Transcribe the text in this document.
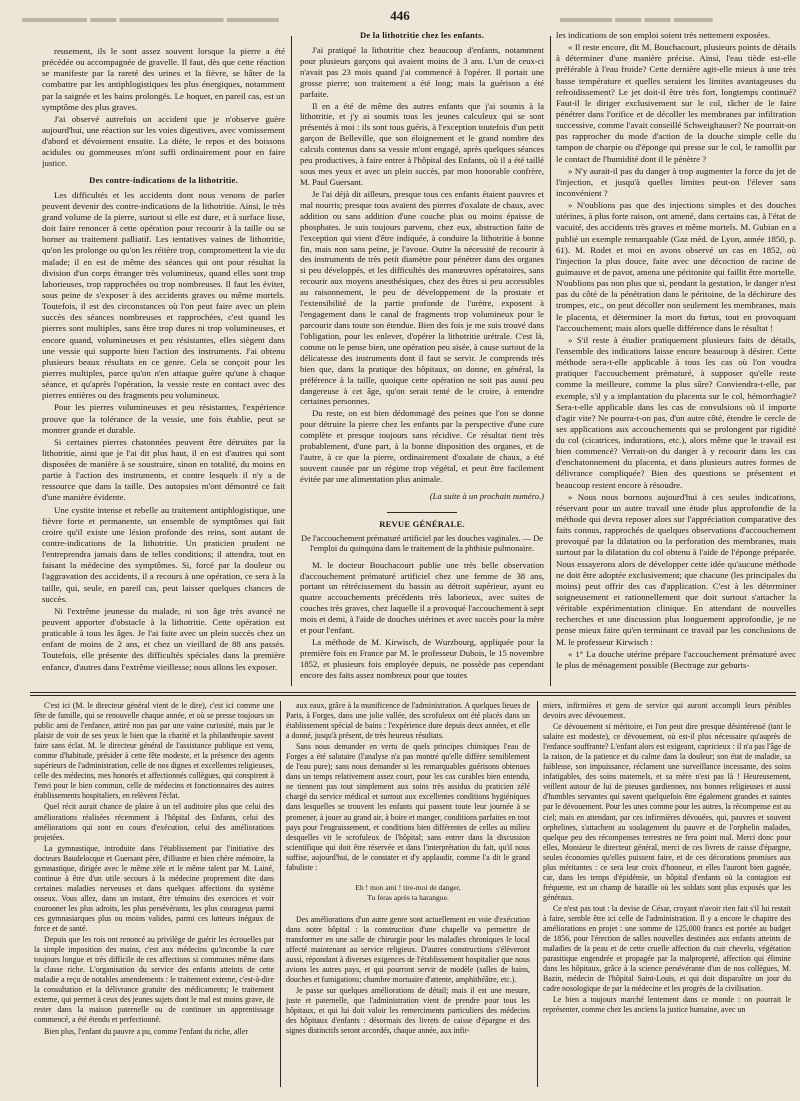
▬▬▬▬▬ ▬▬ ▬▬▬▬▬▬▬▬ ▬▬▬▬	446	▬▬▬▬ ▬▬ ▬▬ ▬▬▬

reusement, ils le sont assez souvent lorsque la pierre a été précédée ou accompagnée de gravelle. Il faut, dès que cette réaction se manifeste par la rareté des urines et la fièvre, se hâter de la combattre par les antiphlogistiques les plus énergiques, notamment par la saignée et les bains prolongés. Le hoquet, en pareil cas, est un symptôme des plus graves.

J'ai observé autrefois un accident que je n'observe guère aujourd'hui, une réaction sur les voies digestives, avec vomissement d'abord et dévoiement ensuite. La diète, le repos et des boissons acidules ou gommeuses m'ont suffi ordinairement pour en faire justice.

Des contre-indications de la lithotritie.

Les difficultés et les accidents dont nous venons de parler peuvent devenir des contre-indications de la lithotritie. Ainsi, le très grand volume de la pierre, surtout si elle est dure, et à surface lisse, doit faire renoncer à cette opération pour recourir à la taille ou se borner au traitement palliatif. Les tentatives vaines de lithotritie, qu'on les prolonge ou qu'on les réitère trop, compromettent la vie du malade; il en est de même des séances qui ont pour résultat la division d'un corps étranger très volumineux, quand elles sont trop laborieuses, trop rapprochées ou trop nombreuses. Il faut les éviter, sous peine de s'exposer à des accidents graves ou même mortels. Toutefois, il est des circonstances où l'on peut faire avec un plein succès des séances nombreuses et rapprochées, c'est quand les pierres sont multiples, sans être trop dures ni trop volumineuses, et encore quand, volumineuses et peu résistantes, elles siègent dans une vessie qui supporte bien l'action des instruments. J'ai obtenu plusieurs beaux résultats en ce genre. Cela se conçoit pour les pierres multiples, parce qu'on n'en attaque guère qu'une à chaque séance, et qu'après l'opération, la vessie reste en contact avec des pierres entières ou des fragments peu volumineux.

Pour les pierres volumineuses et peu résistantes, l'expérience prouve que la tolérance de la vessie, une fois établie, peut se montrer grande et durable.

Si certaines pierres chatonnées peuvent être détruites par la lithotritie, ainsi que je l'ai dit plus haut, il en est d'autres qui sont disposées de manière à se soustraire, sinon en totalité, du moins en partie à l'action des instruments, et contre lesquels il n'y a de ressource que dans la taille. Des autopsies m'ont démontré ce fait d'une manière évidente.

Une cystite intense et rebelle au traitement antiphlogistique, une fièvre forte et permanente, un ensemble de symptômes qui fait croire qu'il existe une lésion profonde des reins, sont autant de contre-indications de la lithotritie. Un praticien prudent ne l'entreprendra jamais dans de telles conditions; il attendra, tout en faisant la médecine des symptômes. Si, forcé par la douleur ou l'aggravation des accidents, il a recours à une opération, ce sera à la taille, qui, seule, en pareil cas, peut laisser quelques chances de succès.

Ni l'extrême jeunesse du malade, ni son âge très avancé ne peuvent apporter d'obstacle à la lithotritie. Cette opération est praticable à tous les âges. Je l'ai faite avec un plein succès chez un enfant de moins de 2 ans, et chez un vieillard de 88 ans passés. Toutefois, elle présente des difficultés spéciales dans la première enfance, d'autres dans l'extrême vieillesse; nous allons les exposer.

De la lithotritie chez les enfants.

J'ai pratiqué la lithotritie chez beaucoup d'enfants, notamment pour plusieurs garçons qui avaient moins de 3 ans. L'un de ceux-ci n'avait pas 23 mois quand j'ai commencé à l'opérer. Il portait une grosse pierre; son traitement a été long; mais la guérison a été parfaite.

Il en a été de même des autres enfants que j'ai soumis à la lithotritie, et j'y ai soumis tous les jeunes calculeux qui se sont présentés à moi : ils sont tous guéris, à l'exception toutefois d'un petit garçon de Belleville, que son éloignement et le grand nombre des calculs contenus dans sa vessie m'ont engagé, après quelques séances peu productives, à faire entrer à l'hôpital des Enfants, où il a été taillé sous mes yeux et avec un plein succès, par mon honorable confrère, M. Paul Guersant.

Je l'ai déjà dit ailleurs, presque tous ces enfants étaient pauvres et mal nourris; presque tous avaient des pierres d'oxalate de chaux, avec addition ou sans addition d'une couche plus ou moins épaisse de phosphates. Je suis toujours parvenu, chez eux, abstraction faite de l'exception qui vient d'être indiquée, à conduire la lithotritie à bonne fin, mais non sans peine, je l'avoue. Outre la nécessité de recourir à des instruments de très petit diamètre pour pénétrer dans des organes si peu développés, et les difficultés des manœuvres opératoires, sans recourir aux moyens anesthésiques, chez des êtres si peu accessibles au raisonnement, le peu de développement de la prostate et l'extensibilité de la partie profonde de l'urètre, exposent à l'engagement dans le canal de fragments trop volumineux pour le parcourir dans toute son étendue. Bien des fois je me suis trouvé dans l'obligation, pour les enlever, d'opérer la lithotritie urétrale. C'est là, comme on le pense bien, une opération peu aisée, à cause surtout de la délicatesse des instruments dont il faut se servir. Je comprends très bien que, dans la pratique des hôpitaux, on donne, en général, la préférence à la taille, quoique cette opération ne soit pas aussi peu dangereuse à cet âge, qu'on serait tenté de le croire, à entendre certaines personnes.

Du reste, on est bien dédommagé des peines que l'on se donne pour détruire la pierre chez les enfants par la perspective d'une cure complète et presque toujours sans récidive. Ce résultat tient très probablement, d'une part, à la bonne disposition des organes, et de l'autre, à ce que la pierre, ordinairement d'oxalate de chaux, a été souvent causée par un régime trop végétal, et peut être facilement évitée par une alimentation plus animale.

(La suite à un prochain numéro.)
REVUE GÉNÉRALE.
De l'accouchement prématuré artificiel par les douches vaginales. — De l'emploi du quinquina dans le traitement de la phthisie pulmonaire.

M. le docteur Bouchacourt publie une très belle observation d'accouchement prématuré artificiel chez une femme de 38 ans, portant un rétrécissement du bassin au détroit supérieur, ayant eu quatre accouchements précédents très laborieux, avec suites de couches très graves, chez laquelle il a provoqué l'accouchement à sept mois et demi, à l'aide de douches utérines et avec succès pour la mère et pour l'enfant.

La méthode de M. Kirwisch, de Wurzbourg, appliquée pour la première fois en France par M. le professeur Dubois, le 15 novembre 1852, et plusieurs fois employée depuis, ne possède pas cependant encore des faits assez nombreux pour que toutes

les indications de son emploi soient très nettement exposées.

« Il reste encore, dit M. Bouchacourt, plusieurs points de détails à déterminer d'une manière précise. Ainsi, l'eau tiède est-elle préférable à l'eau froide? Cette dernière agit-elle mieux à une très basse température et quelles seraient les limites avantageuses du refroidissement? Le jet doit-il être très fort, longtemps continué? Faut-il le diriger exclusivement sur le col, tâcher de le faire pénétrer dans l'orifice et de décoller les membranes par infiltration successive, comme l'avait conseillé Schweighauser? Ne pourrait-on pas rapprocher du mode d'action de la douche simple celle du tampon de charpie ou d'éponge qui presse sur le col, le ramollit par le contact de l'humidité dont il le pénètre ?

» N'y aurait-il pas du danger à trop augmenter la force du jet de l'injection, et jusqu'à quelles limites peut-on l'élever sans inconvénient ?

» N'oublions pas que des injections simples et des douches utérines, à plus forte raison, ont amené, dans certains cas, à l'état de vacuité, des accidents très graves et même mortels. M. Gubian en a publié un exemple remarquable (Gaz méd. de Lyon, année 1850, p. 61). M. Rodet et moi en avons observé un cas en 1852, où l'injection la plus douce, faite avec une décoction de racine de guimauve et de pavot, amena une péritonite qui faillit être mortelle. N'oublions pas non plus que si, pendant la gestation, le danger n'est pas du côté de la pénétration dans le péritoine, de la déchirure des trompes, etc., on peut décoller non seulement les membranes, mais le placenta, et déterminer la mort du fœtus, tout en provoquant l'accouchement; mais alors quelle différence dans le résultat !

» S'il reste à étudier pratiquement plusieurs faits de détails, l'ensemble des indications laisse encore beaucoup à désirer. Cette méthode sera-t-elle applicable à tous les cas où l'on voudra pratiquer l'accouchement prématuré, à supposer qu'elle reste comme la meilleure, comme la plus sûre? Conviendra-t-elle, par exemple, s'il y a implantation du placenta sur le col, hémorrhagie? Sera-t-elle applicable dans les cas de convulsions où il importe d'agir vite? Ne pourra-t-on pas, d'un autre côté, étendre le cercle de ses applications aux accouchements qui se prolongent par rigidité du col (cicatrices, indurations, etc.), alors même que le travail est bien commencé? Verrait-on du danger à y recourir dans les cas d'enchatonnement du placenta, et dans plusieurs autres formes de délivrance compliquée? Bien des questions se présentent et beaucoup restent encore à résoudre.

» Nous nous bornons aujourd'hui à ces seules indications, réservant pour un autre travail une étude plus approfondie de la méthode qui devra reposer alors sur l'appréciation comparative des faits connus, rapprochés de quelques observations d'accouchement provoqué par la dilatation ou la perforation des membranes, mais surtout par la dilatation du col obtenu à l'aide de l'éponge préparée. Nous essayerons alors de développer cette idée qu'aucune méthode ne doit être adoptée exclusivement; que chacune (les principales du moins) peut offrir des cas d'application. C'est à les déterminer soigneusement et rationnellement que doit surtout s'attacher la véritable expérimentation clinique. En attendant de nouvelles recherches et une discussion plus longuement approfondie, je ne pense mieux faire qu'en terminant ce travail par les conclusions de M. le professeur Kirwisch :

« 1° La douche utérine prépare l'accouchement prématuré avec le plus de ménagement possible (Bectrage zur geburts-

C'est ici (M. le directeur général vient de le dire), c'est ici comme une fête de famille, qui se renouvelle chaque année, et où se presse toujours un public ami de l'enfance, attiré non pas par une vaine curiosité, mais par le plaisir de voir de ses yeux le bien que la charité et la philanthropie savent faire sans éclat. M. le directeur général de l'assistance publique est venu, comme d'habitude, présider à cette fête modeste, et la présence des agents supérieurs de l'administration, celle de nos dignes et excellentes religieuses, celle des médecins, mes honorés et affectionnés collègues, qui conspirent à l'envi pour le bien commun, celle de médecins et fonctionnaires des autres établissements hospitaliers, en relèvent l'éclat.

Quel récit aurait chance de plaire à un tel auditoire plus que celui des améliorations réalisées récemment à l'hôpital des Enfants, celui des améliorations qui sont en cours d'exécution, celui des améliorations projetées.

La gymnastique, introduite dans l'établissement par l'initiative des docteurs Baudelocque et Guersant père, d'illustre et bien chère mémoire, la gymnastique, dirigée avec le même zèle et le même talent par M. Lainé, continue à être d'un utile secours à la médecine proprement dite dans certaines maladies nerveuses et dans quelques affections du système osseux. Vous allez, dans un instant, être témoins des exercices et voir couronner les plus adroits, les plus persévérants, les plus courageux parmi ces gymnasiarques plus ou moins valides, parmi ces lutteurs inégaux de force et de santé.

Depuis que les rois ont renoncé au privilège de guérir les écrouelles par la simple imposition des mains, c'est aux médecins qu'incombe la cure toujours longue et très difficile de ces affections si communes même dans la classe riche. L'organisation du service des enfants atteints de cette maladie a reçu de notables amendements : le traitement externe, c'est-à-dire la consultation et la délivrance gratuite des médicaments; le traitement externe, qui permet à ceux des jeunes sujets dont le mal est moins grave, de rester dans la maison paternelle ou de continuer un apprentissage commencé, a été étendu et perfectionné.

Bien plus, l'enfant du pauvre a pu, comme l'enfant du riche, aller

aux eaux, grâce à la munificence de l'administration. A quelques lieues de Paris, à Forges, dans une jolie vallée, des scrofuleux ont été placés dans un établissement spécial de bains : l'expérience dure depuis deux années, et elle a donné, jusqu'à présent, de très heureux résultats.

Sans nous demander en vertu de quels principes chimiques l'eau de Forges a été salutaire (l'analyse n'a pas montré qu'elle diffère sensiblement de l'eau pure); sans nous demander si les remarquables guérisons obtenues dans un temps relativement assez court, pour les cas curables bien entendu, ne tiennent pas tout simplement aux soins très assidus du praticien zélé chargé du service médical et surtout aux excellentes conditions hygiéniques dans lesquelles se trouvent les enfants qui passent toute leur journée à se promener, à jouer au grand air, à boire et manger, conditions parfaites en tout pays pour l'engraissement, et conditions bien différentes de celles au milieu desquelles vit le scrofuleux de l'hôpital; sans entrer dans la discussion scientifique qui doit être réservée et dans l'interprétation du fait, qu'il nous suffise, aujourd'hui, de le constater et d'y applaudir, comme l'a dit le grand fabuliste :

Eh ! mon ami ! tire-moi de danger,
Tu feras après ta harangue.

Des améliorations d'un autre genre sont actuellement en voie d'exécution dans notre hôpital : la construction d'une chapelle va permettre de transformer en une salle de chirurgie pour les maladies chroniques le local affecté maintenant au service religieux. D'autres constructions s'élèveront aussi, répondant à diverses exigences de l'établissement hospitalier que nous avions les autres pays, et qui pourront servir de modèle (salles de bains, douches et fumigations; chambre mortuaire d'attente, amphithéâtre, etc.).

Je passe sur quelques améliorations de détail; mais il est une mesure, juste et paternelle, que l'administration vient de prendre pour tous les hôpitaux, et qui lui doit valoir les remerciments particuliers des médecins des hôpitaux d'enfants : désormais des livrets de caisse d'épargne et des signes distinctifs seront accordés, chaque année, aux infir-

miers, infirmières et gens de service qui auront accompli leurs pénibles devoirs avec dévouement.

Ce dévouement si méritoire, et l'on peut dire presque désintéressé (tant le salaire est modeste), ce dévouement, où est-il plus nécessaire qu'auprès de l'enfance souffrante? L'enfant alors est exigeant, capricieux : il n'a pas l'âge de la raison, de la patience et du calme dans la douleur; son état de maladie, sa faiblesse, son impuissance, réclament une surveillance incessante, des soins infatigables, des soins maternels, et sa mère n'est pas là ! Heureusement, veillent autour de lui de pieuses gardiennes, nos bonnes religieuses et aussi d'humbles servantes qui savent quelquefois être également grandes et saintes par le dévouement. Pour les unes comme pour les autres, la récompense est au ciel; mais en attendant, par ces infirmières dévouées, qui, pauvres et souvent orphelines, s'attachent au soulagement du pauvre et de l'orphelin malades, quelque peu des récompenses terrestres ne fera point mal. Merci donc pour elles, Monsieur le directeur général, merci de ces livrets de caisse d'épargne, seules économies qu'elles puissent faire, et de ces décorations promises aux plus méritantes : ce sera leur croix d'honneur, et elles l'auront bien gagnée, car, dans les temps d'épidémie, un hôpital d'enfants où la contagion est fréquente, est un champ de bataille où les soldats sont plus exposés que les généraux.

Ce n'est pas tout : la devise de César, croyant n'avoir rien fait s'il lui restait à faire, semble être ici celle de l'administration. Il y a encore le chapitre des améliorations en projet : une somme de 125,000 francs est portée au budget de 1856, pour l'érection de salles nouvelles destinées aux enfants atteints de maladies de la peau et de cette cruelle affection du cuir chevelu, végétation parasitique engendrée et propagée par la malpropreté, affection qui élimine dans les hôpitaux, grâce à la science persévérante d'un de nos collègues, M. Bazin, médecin de l'hôpital Saint-Louis, et qui doit disparaître un jour du cadre nosologique de par la médecine et les progrès de la civilisation.

Le bien a toujours marché lentement dans ce monde : on pourrait le représenter, comme chez les anciens la justice humaine, avec un
